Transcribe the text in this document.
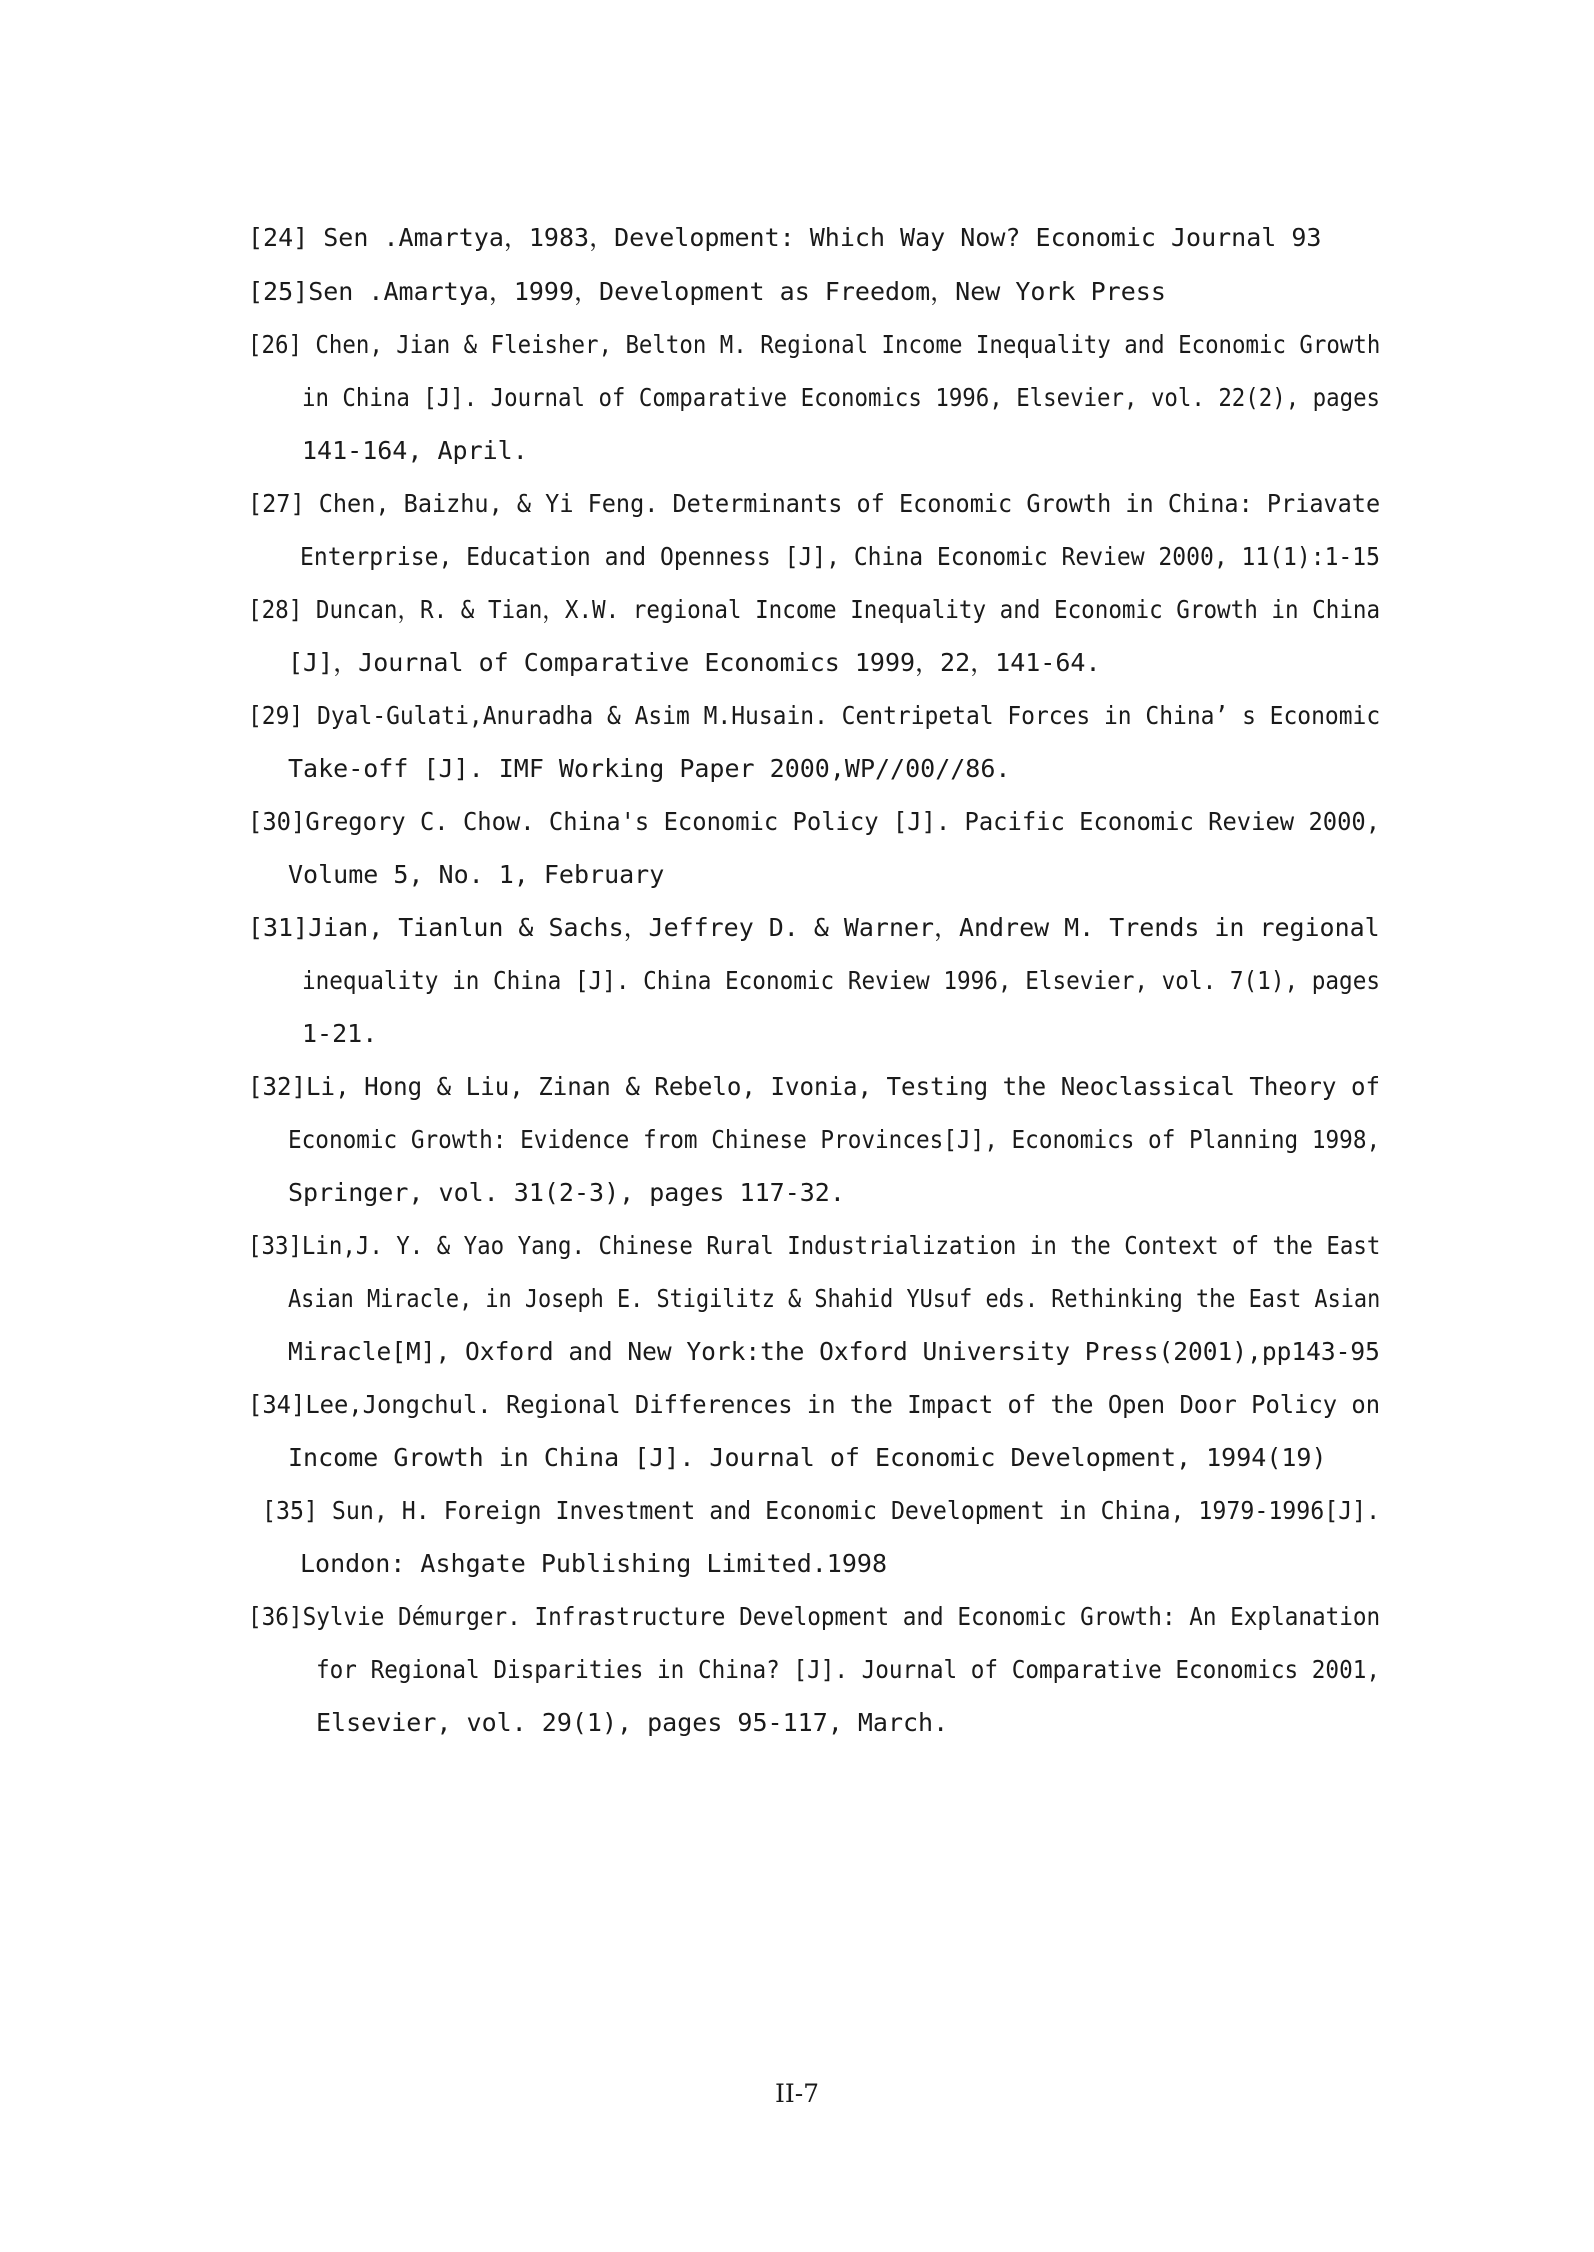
[24] Sen .Amartya，1983，Development: Which Way Now? Economic Journal 93
[25]Sen .Amartya，1999，Development as Freedom，New York Press
[26] Chen, Jian & Fleisher, Belton M. Regional Income Inequality and Economic Growth
in China [J]. Journal of Comparative Economics 1996, Elsevier, vol. 22(2), pages
141-164, April.
[27] Chen, Baizhu, & Yi Feng. Determinants of Economic Growth in China: Priavate
Enterprise, Education and Openness [J], China Economic Review 2000, 11(1):1-15
[28] Duncan，R. & Tian，X.W. regional Income Inequality and Economic Growth in China
[J]，Journal of Comparative Economics 1999，22，141-64.
[29] Dyal-Gulati,Anuradha & Asim M.Husain. Centripetal Forces in China’ s Economic
Take-off [J]. IMF Working Paper 2000,WP//00//86.
[30]Gregory C. Chow. China's Economic Policy [J]. Pacific Economic Review 2000,
Volume 5, No. 1, February
[31]Jian, Tianlun & Sachs，Jeffrey D. & Warner，Andrew M. Trends in regional
inequality in China [J]. China Economic Review 1996, Elsevier, vol. 7(1), pages
1-21.
[32]Li, Hong & Liu, Zinan & Rebelo, Ivonia, Testing the Neoclassical Theory of
Economic Growth: Evidence from Chinese Provinces[J], Economics of Planning 1998,
Springer, vol. 31(2-3), pages 117-32.
[33]Lin,J. Y. & Yao Yang. Chinese Rural Industrialization in the Context of the East
Asian Miracle, in Joseph E. Stigilitz & Shahid YUsuf eds. Rethinking the East Asian
Miracle[M], Oxford and New York:the Oxford University Press(2001),pp143-95
[34]Lee,Jongchul. Regional Differences in the Impact of the Open Door Policy on
Income Growth in China [J]. Journal of Economic Development, 1994(19)
[35] Sun, H. Foreign Investment and Economic Development in China, 1979-1996[J].
London: Ashgate Publishing Limited.1998
[36]Sylvie Démurger. Infrastructure Development and Economic Growth: An Explanation
for Regional Disparities in China? [J]. Journal of Comparative Economics 2001,
Elsevier, vol. 29(1), pages 95-117, March.
II-7
